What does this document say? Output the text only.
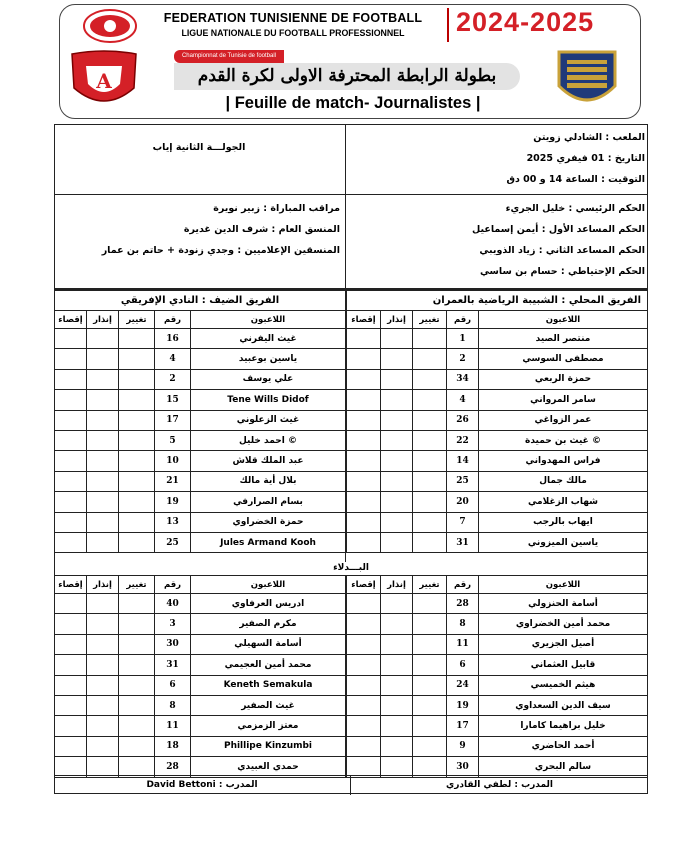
FEDERATION TUNISIENNE DE FOOTBALL
LIGUE NATIONALE DU FOOTBALL PROFESSIONNEL	2024-2025
A
Championnat de Tunisie de football
بطولة الرابطة المحترفة الاولى لكرة القدم
| Feuille de match- Journalistes |
الملعب : الشادلي زويتن
التاريخ : 01 فيفري 2025
التوقيت : الساعة 14 و 00 دق
الجولـــة الثانية إياب
الحكم الرئيسي : خليل الجريء
الحكم المساعد الأول : أيمن إسماعيل
الحكم المساعد الثاني : زياد الذويبي
الحكم الإحتياطي : حسام بن ساسي
مراقب المباراة : زبير نويرة
المنسق العام : شرف الدين غديرة
المنسقين الإعلاميين : وجدي زنودة + حاتم بن عمار
الفريق الضيف : النادي الإفريقي				
إقصاء	إنذار	تغيير	رقم	اللاعبون
			16	غيث اليفرني
			4	ياسين بوعبيد
			2	علي يوسف
			15	Tene Wills Didof
			17	غيث الزعلوني
			5	احمد خليل ©
			10	عبد الملك قلاش
			21	بلال أية مالك
			19	بسام الصرارفي
			13	حمزة الخضراوي
			25	Jules Armand Kooh
الفريق المحلي : الشبيبة الرياضية بالعمران				
إقصاء	إنذار	تغيير	رقم	اللاعبون
			1	منتصر الصيد
			2	مصطفى السوسي
			34	حمزة الربعي
			4	سامر المرواني
			26	عمر الزواغي
			22	غيث بن حميدة ©
			14	فراس المهدواني
			25	مالك جمال
			20	شهاب الزغلامي
			7	ايهاب بالرجب
			31	ياسين الميزوني
البـــدلاء
إقصاء	إنذار	تغيير	رقم	اللاعبون
			40	ادريس العرفاوي
			3	مكرم الصفير
			30	أسامة السهيلي
			31	محمد أمين العجيمي
			6	Keneth Semakula
			8	غيث الصفير
			11	معتز الزمزمي
			18	Phillipe Kinzumbi
			28	حمدي العبيدي
إقصاء	إنذار	تغيير	رقم	اللاعبون
			28	أسامة الحنزولي
			8	محمد أمين الخضراوي
			11	أصيل الجزيري
			6	قابيل العثماني
			24	هيثم الخميسي
			19	سيف الدين السعداوي
			17	خليل براهيما كامارا
			9	أحمد الحاضري
			30	سالم البحري
David Bettoni : المدرب	المدرب : لطفي القادري
